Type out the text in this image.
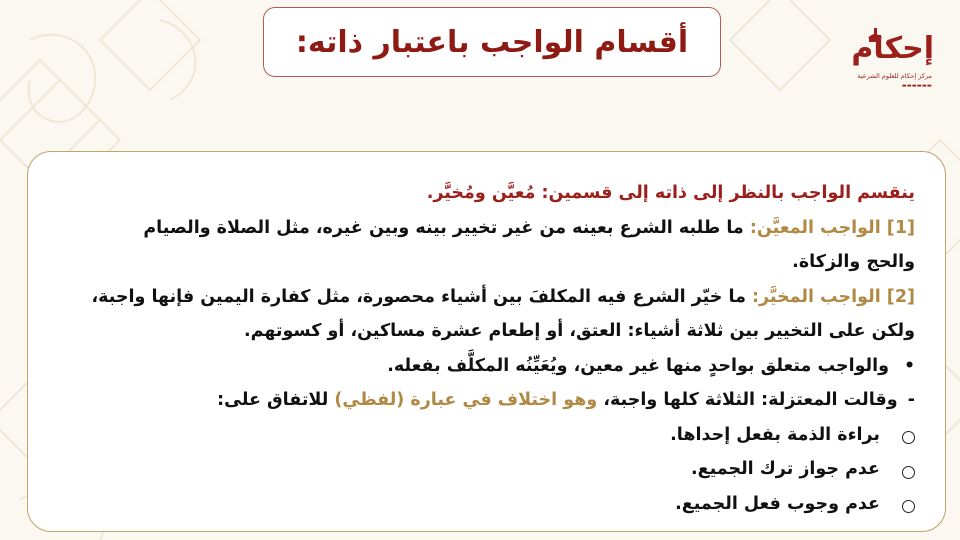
أقسام الواجب باعتبار ذاته:	إحكام
مركز إحكام للعلوم الشرعية
▬▬▬▬▬▬
ينقسم الواجب بالنظر إلى ذاته إلى قسمين: مُعيَّن ومُخيَّر.
[1] الواجب المعيَّن: ما طلبه الشرع بعينه من غير تخيير بينه وبين غيره، مثل الصلاة والصيام
والحج والزكاة.
[2] الواجب المخيَّر: ما خيّر الشرع فيه المكلفَ بين أشياء محصورة، مثل كفارة اليمين فإنها واجبة،
ولكن على التخيير بين ثلاثة أشياء: العتق، أو إطعام عشرة مساكين، أو كسوتهم.
•
والواجب متعلق بواحدٍ منها غير معين، ويُعَيِّنُه المكلَّف بفعله.
- وقالت المعتزلة: الثلاثة كلها واجبة، وهو اختلاف في عبارة (لفظي) للاتفاق على:
براءة الذمة بفعل إحداها.
عدم جواز ترك الجميع.
عدم وجوب فعل الجميع.
